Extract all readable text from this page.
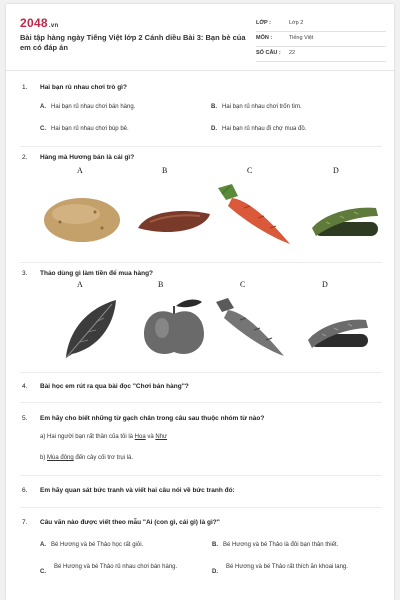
2048.vn
Bài tập hàng ngày Tiếng Việt lớp 2 Cánh diều Bài 3: Bạn bè của em có đáp án
LỚP :	Lớp 2
MÔN :	Tiếng Việt
SỐ CÂU : 22
1. Hai bạn rủ nhau chơi trò gì?
A. Hai bạn rủ nhau chơi bán hàng.	B. Hai bạn rủ nhau chơi trốn tìm.
C. Hai bạn rủ nhau chơi búp bê.	D. Hai bạn rủ nhau đi chợ mua đồ.
2. Hàng mà Hương bán là cái gì?
A	B	C	D
3. Thảo dùng gì làm tiền để mua hàng?
A	B	C	D
4. Bài học em rút ra qua bài đọc "Chơi bán hàng"?
5. Em hãy cho biết những từ gạch chân trong câu sau thuộc nhóm từ nào?
a) Hai người bạn rất thân của tôi là Hoa và Như
b) Mùa đông đến cây cối trơ trụi lá.
6. Em hãy quan sát bức tranh và viết hai câu nói về bức tranh đó:
7. Câu văn nào được viết theo mẫu "Ai (con gì, cái gì) là gì?"
A. Bé Hương và bé Thảo học rất giỏi.	B. Bé Hương và bé Thảo là đôi bạn thân thiết.
C.
Bé Hương và bé Thảo rủ nhau chơi bán hàng.
D.
Bé Hương và bé Thảo rất thích ăn khoai lang.
